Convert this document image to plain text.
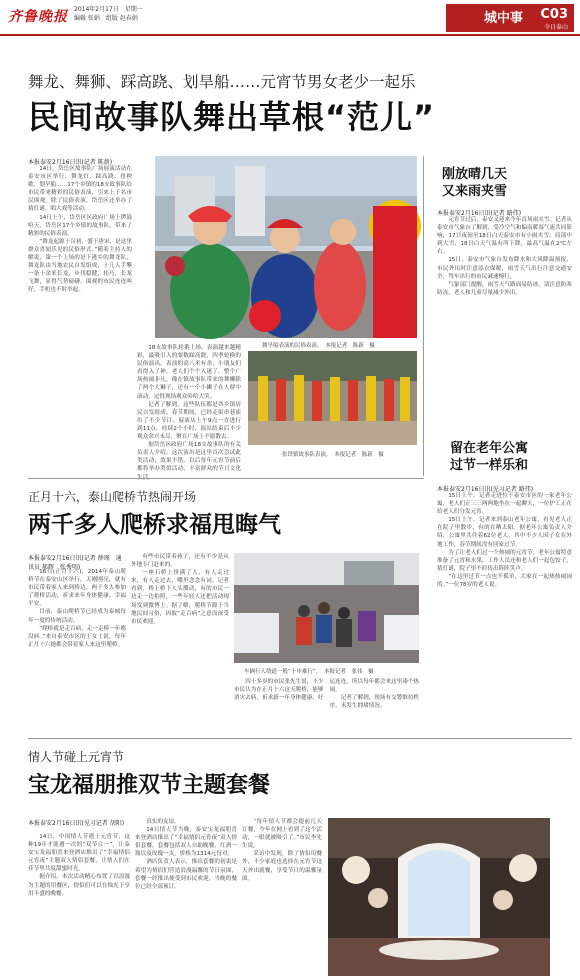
齐鲁晚报 2014年2月17日　星期一
编辑 张娟　组版 赵春娟	城中事 C03
今日泰山
舞龙、舞狮、踩高跷、划旱船……元宵节男女老少一起乐
民间故事队舞出草根“范儿”
本报泰安2月16日讯(记者 陈新)

14日，岱岳区故事队广场展演活动在泰安市区举行，舞龙灯、踩高跷、扭秧歌、划旱船……17个乡镇的18支故事队给市民带来精彩的民俗表演，引来上千名市民围观。除了民俗表演，岱岳区还举办了猜灯谜、唱大戏等活动。

14日上午，岱岳区区政府广场上锣鼓喧天，岱岳区17个乡镇的故事队，带来了精彩的民俗表演。

“舞龙起源于汉初，盛于唐宋，是这里群众喜闻乐见的民俗形式。”随着主持人的解说，第一个上场的是下港乡的舞龙队，舞龙队由当地农民自发组成，十几人手擎一条十余米长龙，步伐稳健，轮巧，长龙飞舞，显得气势磅礴。围观的市民连连叫好，手机也不时举起。

18支故事队轮番上场，表演越来越精彩，最吸引人的要数踩高跷，四季轮换的民俗演出，表演的高八米有余，小朋友们看得入了神，老人们个个入迷了，整个广场热闹非凡，像在镇故事队带来的舞狮除了两个大狮子，还有一个小狮子在人群中滚动，逗得现场观众哈哈大笑。

记者了解到，这些队伍都是各乡镇居民自发组成，春节期间，巳经走街串巷演出了不少节目，展演从上午9点一直进行到11点，持续2个小时，演出结束后不少观众余兴未尽，聚在广场上不愿散去。

据岱岳区政府广场18支故事队的有关负责人介绍，这次演出是这里首次尝试此类活动，效果不错。以后每年元宵节前后都将举办类似活动，丰富群众的节日文化

舞旱船表演的民俗表演。　本报记者　陈新　摄
张铁镇故事队表演。　本报记者　陈新　摄
刚放晴几天
又来雨夹雪
本报泰安2月16日讯(记者 路伟)

元宵节过后，泰安又迎来今年首场雨夹雪。记者从泰安市气象台了解到，受冷空气和偏南暖湿气流共同影响，17日夜间至18日白天泰安市有小雨夹雪，局部中到大雪，18日白天气温有所下降，最高气温在2℃左右。

15日，泰安市气象台发布降水和大风降温预报，市民外出时注意添衣保暖，雨雪天气出行注意交通安全，驾车出行的市民减速慢行。

气象部门提醒，雨雪天气路面易结冰，请注意防寒防冻，老人和儿童尽量减少外出。

留在老年公寓
过节一样乐和
本报泰安2月16日讯(见习记者 路伟)

15日上午，记者走进位于泰安市区的一家老年公寓，老人们正三三两两地坐在一起聊天，一位护工正在给老人们分发元宵。

15日上午，记者来到泰山老年公寓，看见老人正在院子里散步，有的在晒太阳。据老年公寓负责人介绍，公寓里共住着62位老人，其中不少人因子女在外地工作，春节期间没有回家过节。

为了让老人们过一个热闹的元宵节，老年公寓特意准备了元宵和水果，工作人员还和老人们一起包饺子，猜灯谜，院子里不时传出阵阵笑声。

“在这里过节一点也不孤单，大家在一起热热闹闹的。”一位78岁的老人说。

正月十六，泰山爬桥节热闹开场
两千多人爬桥求福甩晦气
本报泰安2月16日讯(记者 薛瑾　通讯员 郝辉　张秀明)

16日(正月十六)，2014年泰山爬桥节在泰安山区举行，天刚刚亮，就有市民带着家人来到桥边，两千多人参加了爬桥活动，祈求来年身体健康、幸福平安。

目前，泰山爬桥节已经成为泰城每年一度的传统活动。

“爬桥就是走百病，走一走桥一年都没病。”来自泰安市区的王女士说，每年正月十六她都会带着家人来这里爬桥。

有些市民带着孩子，还有不少是从外地专门赶来的。

一座石桥上挤满了人，有人走过来，有人走过去，嘴里念念有词。记者看到，桥上桥下人头攒动，有的市民一边走一边拍照，一些年轻人还把活动现场发到微博上。据了解，爬桥节源于当地民间习俗，因取“走百病”之意而深受市民欢迎。

车辆行人绕道一般“十步难行”。　本报记者　张伟　摄

四十多岁的市民张先生说，不少市民认为在正月十六这天爬桥，能够消灾去病，祈求新一年身体健康、好运连连，所以每年都会来这里凑个热闹。

记者了解到，现场有交警维持秩序，未发生拥堵情况。

情人节碰上元宵节
宝龙福朋推双节主题套餐
本报泰安2月16日讯(见习记者 胡阳)

14日，中国情人节遇上元宵节，这种19年才能遇一次的“双节合一”，让泰安宝龙福朋喜来登酒店推出了“幸福情侣元宵夜”主题双人情侣套餐，让情人们在佳节里共度甜蜜时光。

据介绍，本次活动精心布置了以浪漫为主题的用餐区，情侣们可以在烛光下享用丰盛的晚餐。

真实的友谊。

14日情人节当晚，泰安宝龙福朋喜来登酒店推出了“幸福情侣元宵夜”双人情侣套餐，套餐包括双人自助晚餐、红酒一瓶以及玫瑰一支，价格为1314元每对。

酒店负责人表示，推出套餐的初衷是希望为情侣们营造浪漫温馨的节日氛围，套餐一经推出便受到市民欢迎，当晚的餐位已经全部预订。

“每年情人节都会提前几天订餐，今年在网上看到了这个活动，一眼就被吸引了。”市民李先生说。

采访中发现，除了情侣用餐外，不少家庭也选择在元宵节这天外出就餐，享受节日的温馨氛围。
